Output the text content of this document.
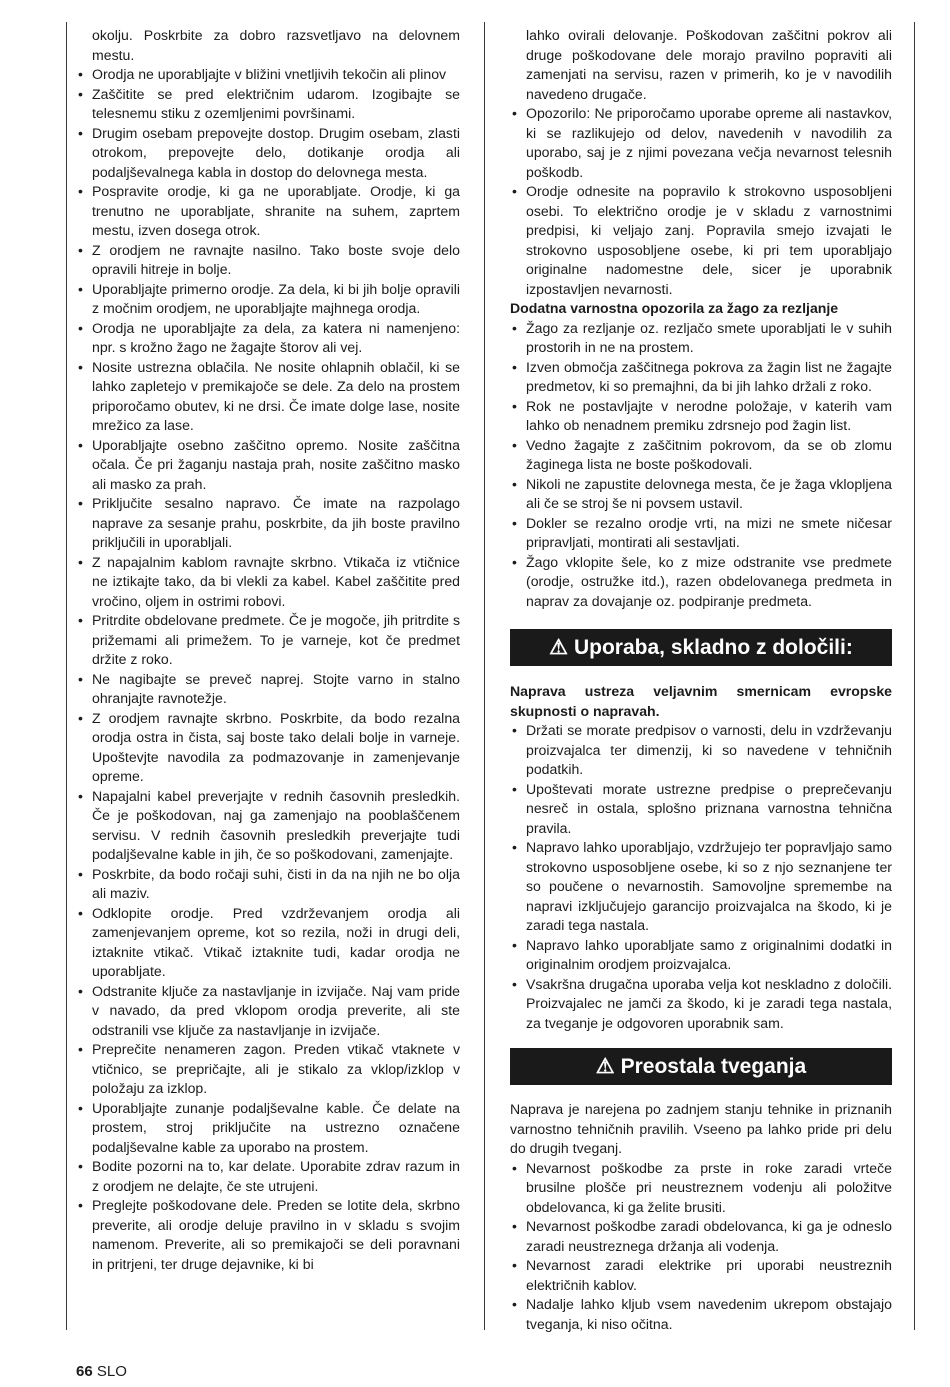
okolju. Poskrbite za dobro razsvetljavo na delovnem mestu.
• Orodja ne uporabljajte v bližini vnetljivih tekočin ali plinov
• Zaščitite se pred električnim udarom. Izogibajte se telesnemu stiku z ozemljenimi površinami.
• Drugim osebam prepovejte dostop. Drugim osebam, zlasti otrokom, prepovejte delo, dotikanje orodja ali podaljševalnega kabla in dostop do delovnega mesta.
• Pospravite orodje, ki ga ne uporabljate. Orodje, ki ga trenutno ne uporabljate, shranite na suhem, zaprtem mestu, izven dosega otrok.
• Z orodjem ne ravnajte nasilno. Tako boste svoje delo opravili hitreje in bolje.
• Uporabljajte primerno orodje. Za dela, ki bi jih bolje opravili z močnim orodjem, ne uporabljajte majhnega orodja.
• Orodja ne uporabljajte za dela, za katera ni namenjeno: npr. s krožno žago ne žagajte štorov ali vej.
• Nosite ustrezna oblačila. Ne nosite ohlapnih oblačil, ki se lahko zapletejo v premikajoče se dele. Za delo na prostem priporočamo obutev, ki ne drsi. Če imate dolge lase, nosite mrežico za lase.
• Uporabljajte osebno zaščitno opremo. Nosite zaščitna očala. Če pri žaganju nastaja prah, nosite zaščitno masko ali masko za prah.
• Priključite sesalno napravo. Če imate na razpolago naprave za sesanje prahu, poskrbite, da jih boste pravilno priključili in uporabljali.
• Z napajalnim kablom ravnajte skrbno. Vtikača iz vtičnice ne iztikajte tako, da bi vlekli za kabel. Kabel zaščitite pred vročino, oljem in ostrimi robovi.
• Pritrdite obdelovane predmete. Če je mogoče, jih pritrdite s prižemami ali primežem. To je varneje, kot če predmet držite z roko.
• Ne nagibajte se preveč naprej. Stojte varno in stalno ohranjajte ravnotežje.
• Z orodjem ravnajte skrbno. Poskrbite, da bodo rezalna orodja ostra in čista, saj boste tako delali bolje in varneje. Upoštevjte navodila za podmazovanje in zamenjevanje opreme.
• Napajalni kabel preverjajte v rednih časovnih presledkih. Če je poškodovan, naj ga zamenjajo na pooblaščenem servisu. V rednih časovnih presledkih preverjajte tudi podaljševalne kable in jih, če so poškodovani, zamenjajte.
• Poskrbite, da bodo ročaji suhi, čisti in da na njih ne bo olja ali maziv.
• Odklopite orodje. Pred vzdrževanjem orodja ali zamenjevanjem opreme, kot so rezila, noži in drugi deli, iztaknite vtikač. Vtikač iztaknite tudi, kadar orodja ne uporabljate.
• Odstranite ključe za nastavljanje in izvijače. Naj vam pride v navado, da pred vklopom orodja preverite, ali ste odstranili vse ključe za nastavljanje in izvijače.
• Preprečite nenameren zagon. Preden vtikač vtaknete v vtičnico, se prepričajte, ali je stikalo za vklop/izklop v položaju za izklop.
• Uporabljajte zunanje podaljševalne kable. Če delate na prostem, stroj priključite na ustrezno označene podaljševalne kable za uporabo na prostem.
• Bodite pozorni na to, kar delate. Uporabite zdrav razum in z orodjem ne delajte, če ste utrujeni.
• Preglejte poškodovane dele. Preden se lotite dela, skrbno preverite, ali orodje deluje pravilno in v skladu s svojim namenom. Preverite, ali so premikajoči se deli poravnani in pritrjeni, ter druge dejavnike, ki bi
lahko ovirali delovanje. Poškodovan zaščitni pokrov ali druge poškodovane dele morajo pravilno popraviti ali zamenjati na servisu, razen v primerih, ko je v navodilih navedeno drugače.
• Opozorilo: Ne priporočamo uporabe opreme ali nastavkov, ki se razlikujejo od delov, navedenih v navodilih za uporabo, saj je z njimi povezana večja nevarnost telesnih poškodb.
• Orodje odnesite na popravilo k strokovno usposobljeni osebi. To električno orodje je v skladu z varnostnimi predpisi, ki veljajo zanj. Popravila smejo izvajati le strokovno usposobljene osebe, ki pri tem uporabljajo originalne nadomestne dele, sicer je uporabnik izpostavljen nevarnosti.

Dodatna varnostna opozorila za žago za rezljanje

• Žago za rezljanje oz. rezljačo smete uporabljati le v suhih prostorih in ne na prostem.
• Izven območja zaščitnega pokrova za žagin list ne žagajte predmetov, ki so premajhni, da bi jih lahko držali z roko.
• Rok ne postavljajte v nerodne položaje, v katerih vam lahko ob nenadnem premiku zdrsnejo pod žagin list.
• Vedno žagajte z zaščitnim pokrovom, da se ob zlomu žaginega lista ne boste poškodovali.
• Nikoli ne zapustite delovnega mesta, če je žaga vklopljena ali če se stroj še ni povsem ustavil.
• Dokler se rezalno orodje vrti, na mizi ne smete ničesar pripravljati, montirati ali sestavljati.
• Žago vklopite šele, ko z mize odstranite vse predmete (orodje, ostružke itd.), razen obdelovanega predmeta in naprav za dovajanje oz. podpiranje predmeta.
⚠ Uporaba, skladno z določili:

Naprava ustreza veljavnim smernicam evropske skupnosti o napravah.

• Držati se morate predpisov o varnosti, delu in vzdrževanju proizvajalca ter dimenzij, ki so navedene v tehničnih podatkih.
• Upoštevati morate ustrezne predpise o preprečevanju nesreč in ostala, splošno priznana varnostna tehnična pravila.
• Napravo lahko uporabljajo, vzdržujejo ter popravljajo samo strokovno usposobljene osebe, ki so z njo seznanjene ter so poučene o nevarnostih. Samovoljne spremembe na napravi izključujejo garancijo proizvajalca na škodo, ki je zaradi tega nastala.
• Napravo lahko uporabljate samo z originalnimi dodatki in originalnim orodjem proizvajalca.
• Vsakršna drugačna uporaba velja kot neskladno z določili. Proizvajalec ne jamči za škodo, ki je zaradi tega nastala, za tveganje je odgovoren uporabnik sam.
⚠ Preostala tveganja

Naprava je narejena po zadnjem stanju tehnike in priznanih varnostno tehničnih pravilih. Vseeno pa lahko pride pri delu do drugih tveganj.

• Nevarnost poškodbe za prste in roke zaradi vrteče brusilne plošče pri neustreznem vodenju ali položitve obdelovanca, ki ga želite brusiti.
• Nevarnost poškodbe zaradi obdelovanca, ki ga je odneslo zaradi neustreznega držanja ali vodenja.
• Nevarnost zaradi elektrike pri uporabi neustreznih električnih kablov.
• Nadalje lahko kljub vsem navedenim ukrepom obstajajo tveganja, ki niso očitna.
66 SLO
